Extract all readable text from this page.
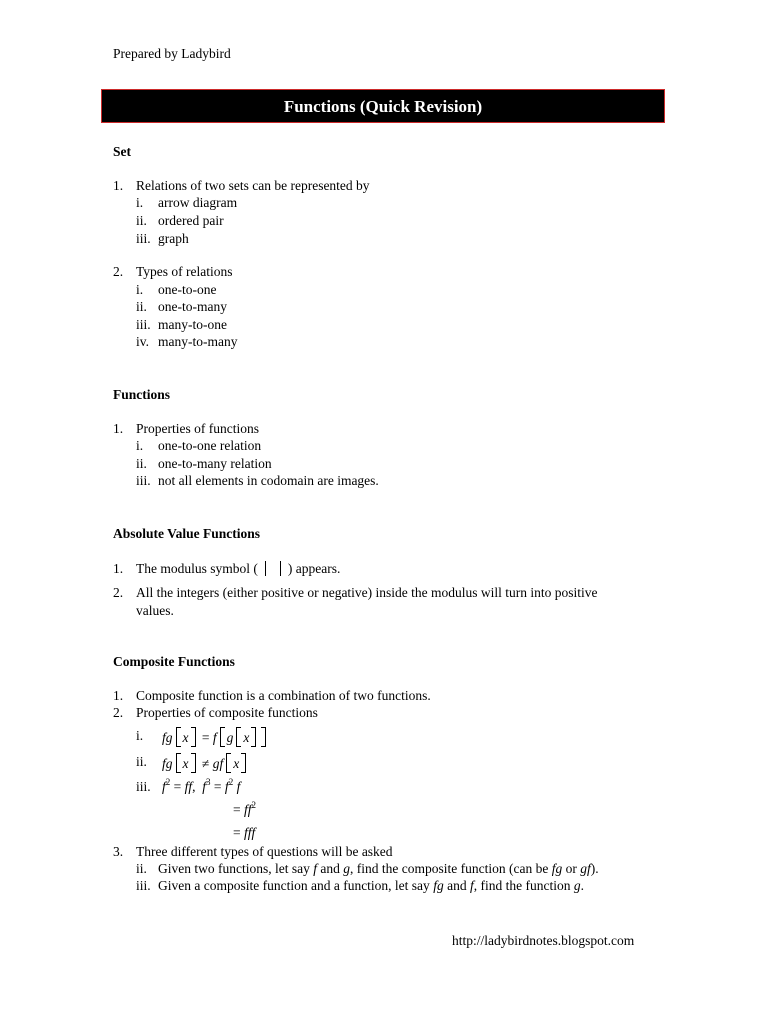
Prepared by Ladybird
Functions (Quick Revision)
Set
1. Relations of two sets can be represented by
i. arrow diagram
ii. ordered pair
iii. graph
2. Types of relations
i. one-to-one
ii. one-to-many
iii. many-to-one
iv. many-to-many
Functions
1. Properties of functions
i. one-to-one relation
ii. one-to-many relation
iii. not all elements in codomain are images.
Absolute Value Functions
1. The modulus symbol ( ) appears.
2. All the integers (either positive or negative) inside the modulus will turn into positive
values.
Composite Functions
1. Composite function is a combination of two functions.
2. Properties of composite functions
i. fg x = f g x
ii. fg x ≠ gf x
iii. $f^2$ = ff, $f^3 = f^2$ f
= $ff^2$
= fff
3. Three different types of questions will be asked
ii. Given two functions, let say f and g, find the composite function (can be fg or gf).
iii. Given a composite function and a function, let say fg and f, find the function g.
http://ladybirdnotes.blogspot.com
